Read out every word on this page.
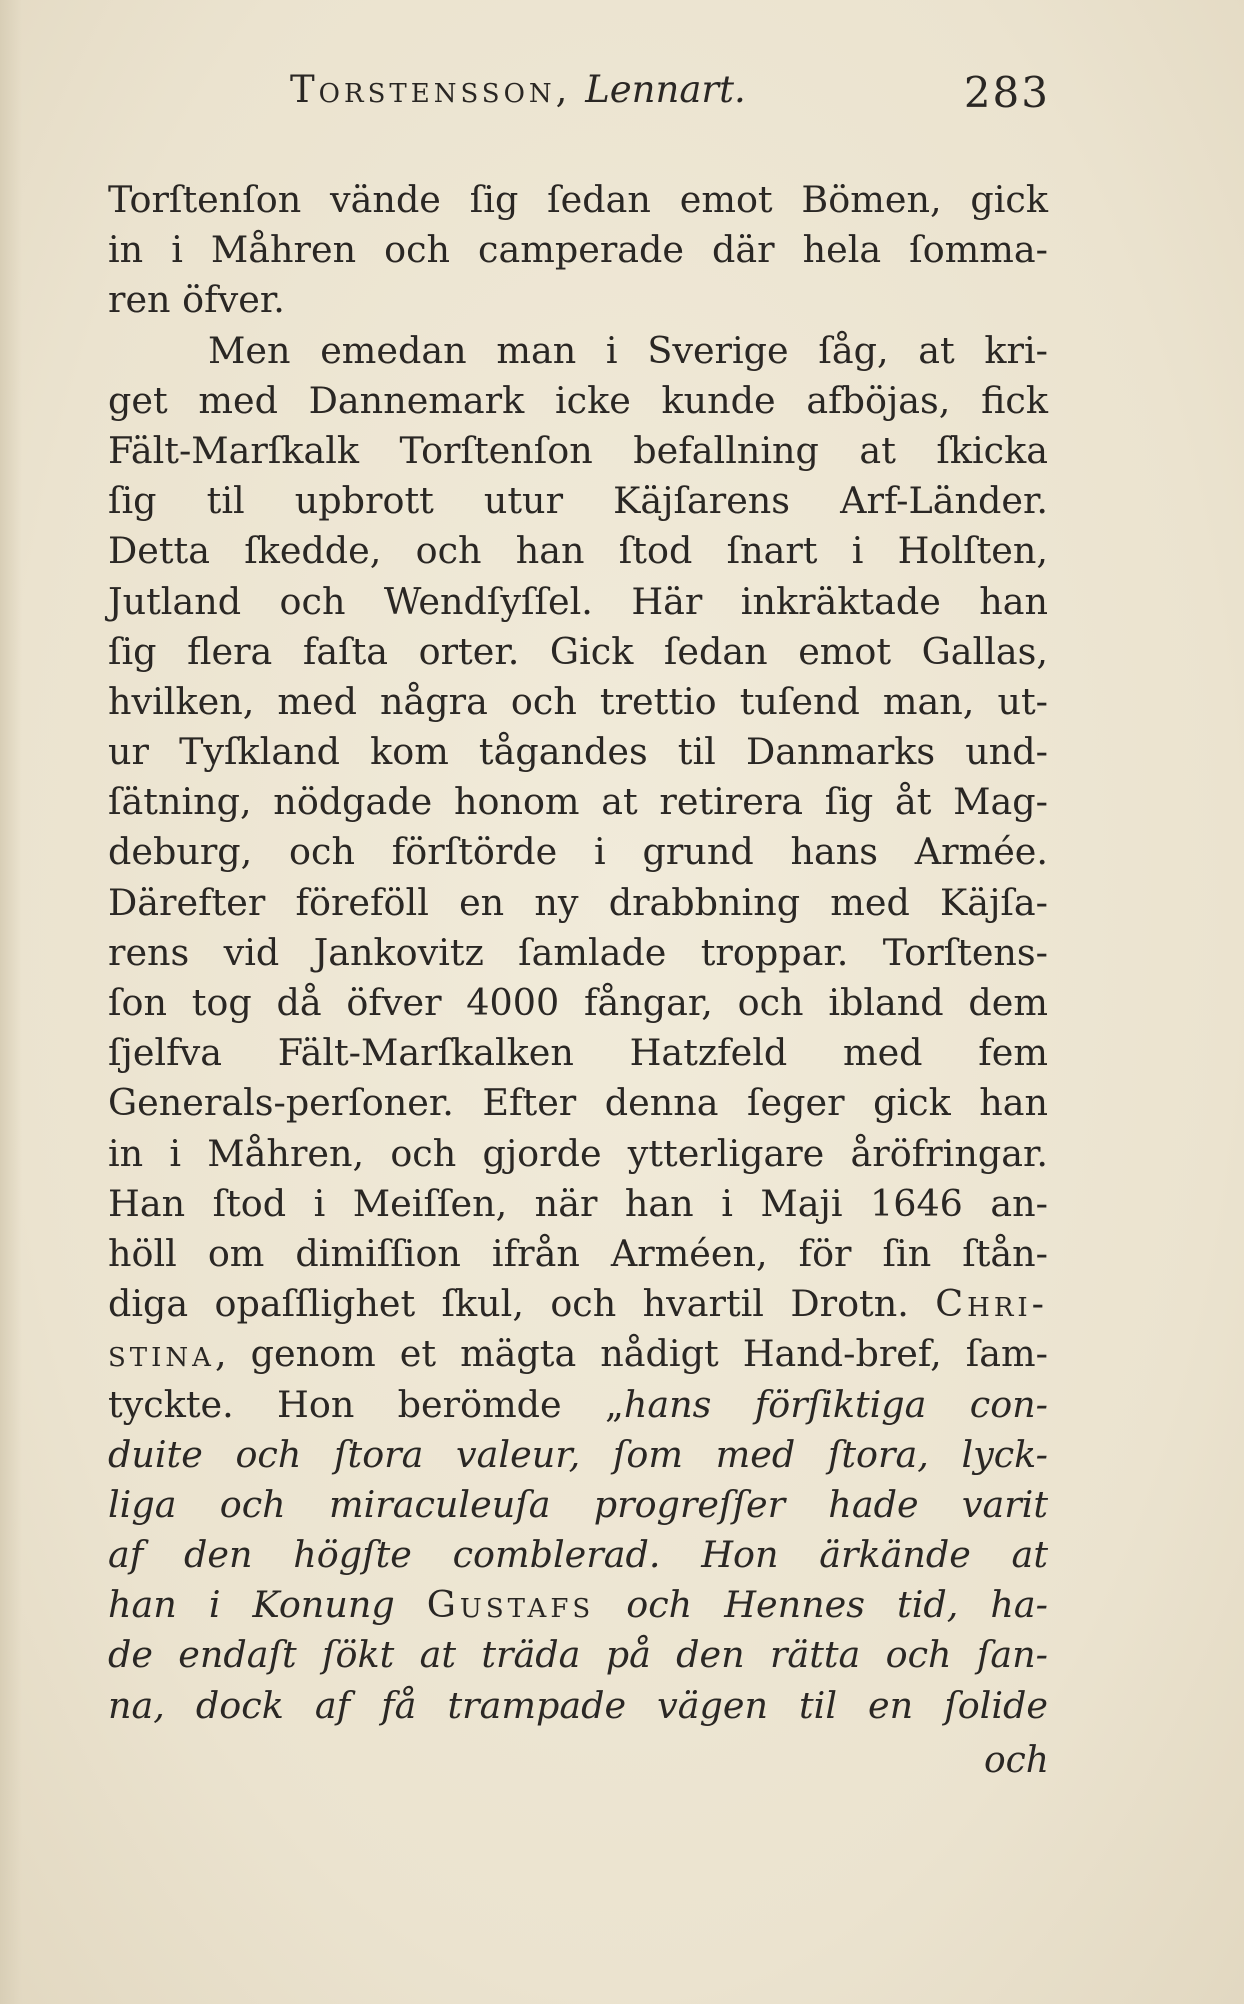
Torstensson, Lennart.	283
Torſtenſon vände ſig ſedan emot Bömen, gick
in i Måhren och camperade där hela ſomma-
ren öfver.
Men emedan man i Sverige ſåg, at kri-
get med Dannemark icke kunde afböjas, fick
Fält-Marſkalk Torſtenſon befallning at ſkicka
ſig til upbrott utur Käjſarens Arf-Länder.
Detta ſkedde, och han ſtod ſnart i Holſten,
Jutland och Wendſyſſel. Här inkräktade han
ſig flera faſta orter. Gick ſedan emot Gallas,
hvilken, med några och trettio tuſend man, ut-
ur Tyſkland kom tågandes til Danmarks und-
ſätning, nödgade honom at retirera ſig åt Mag-
deburg, och förſtörde i grund hans Armée.
Därefter föreföll en ny drabbning med Käjſa-
rens vid Jankovitz ſamlade troppar. Torſtens-
ſon tog då öfver 4000 fångar, och ibland dem
ſjelfva Fält-Marſkalken Hatzfeld med fem
Generals-perſoner. Efter denna ſeger gick han
in i Måhren, och gjorde ytterligare åröfringar.
Han ſtod i Meiſſen, när han i Maji 1646 an-
höll om dimiſſion ifrån Arméen, för ſin ſtån-
diga opaſſlighet ſkul, och hvartil Drotn. Chri-
stina, genom et mägta nådigt Hand-bref, ſam-
tyckte. Hon berömde „hans förſiktiga con-
duite och ſtora valeur, ſom med ſtora, lyck-
liga och miraculeuſa progreſſer hade varit
af den högſte comblerad. Hon ärkände at
han i Konung Gustafs och Hennes tid, ha-
de endaſt ſökt at träda på den rätta och ſan-
na, dock af få trampade vägen til en ſolide
och
